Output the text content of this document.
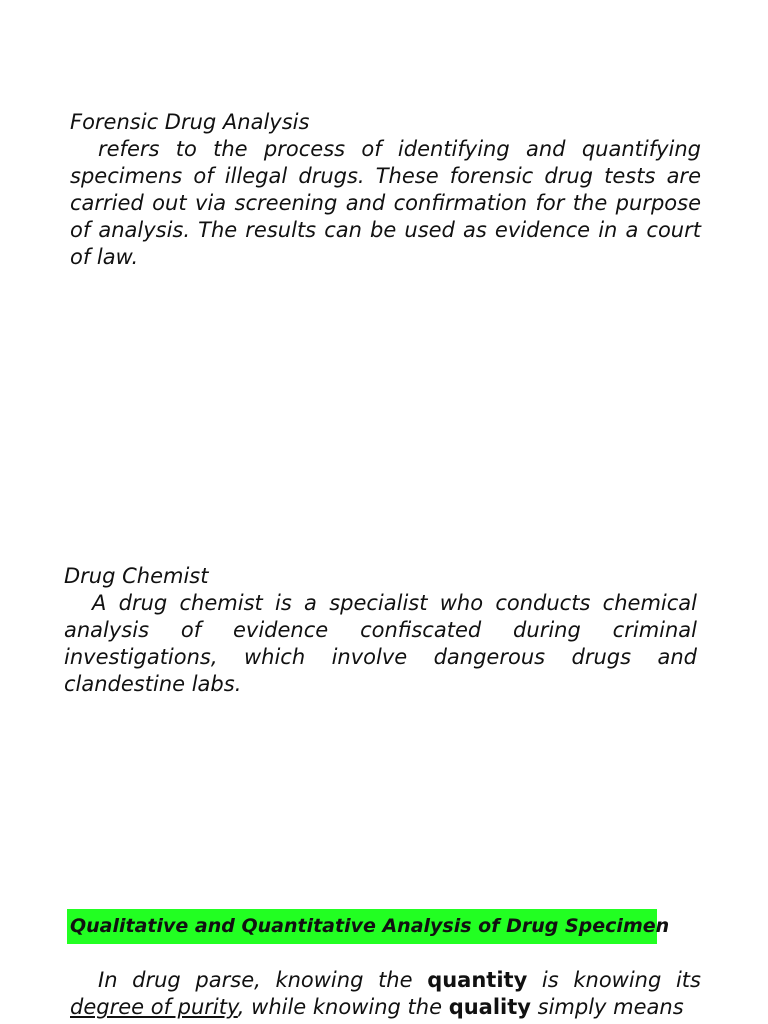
Forensic Drug Analysis
refers to the process of identifying and quantifying specimens of illegal drugs. These forensic drug tests are carried out via screening and confirmation for the purpose of analysis. The results can be used as evidence in a court of law.
Drug Chemist
A drug chemist is a specialist who conducts chemical analysis of evidence confiscated during criminal investigations, which involve dangerous drugs and clandestine labs.
Qualitative and Quantitative Analysis of Drug Specimen
In drug parse, knowing the quantity is knowing its degree of purity, while knowing the quality simply means
